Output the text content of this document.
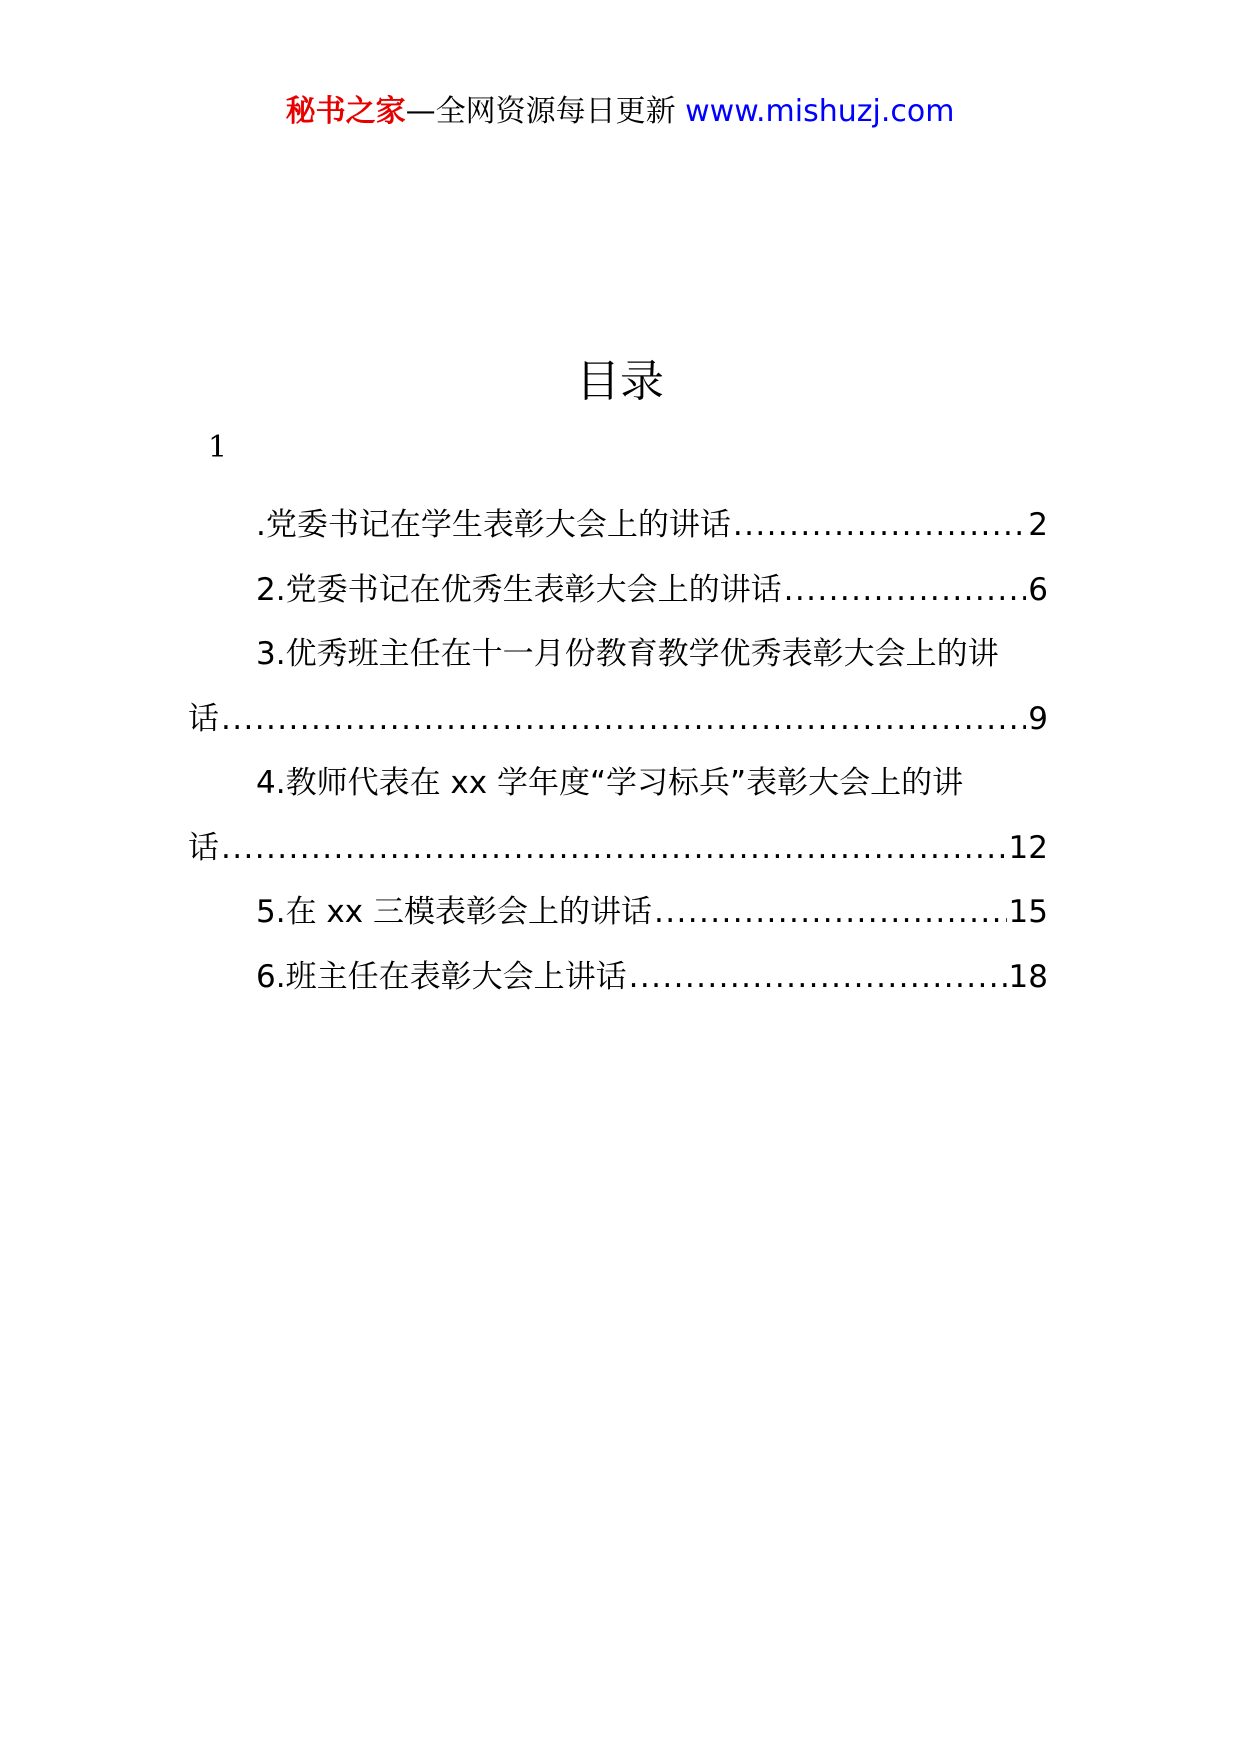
秘书之家—全网资源每日更新 www.mishuzj.com
目录
1
.党委书记在学生表彰大会上的讲话 .....	2
2.党委书记在优秀生表彰大会上的讲话 .....	6
3.优秀班主任在十一月份教育教学优秀表彰大会上的讲
话 .....	9
4.教师代表在 xx 学年度“学习标兵”表彰大会上的讲
话 .....	12
5.在 xx 三模表彰会上的讲话 .....	15
6.班主任在表彰大会上讲话 .....	18
